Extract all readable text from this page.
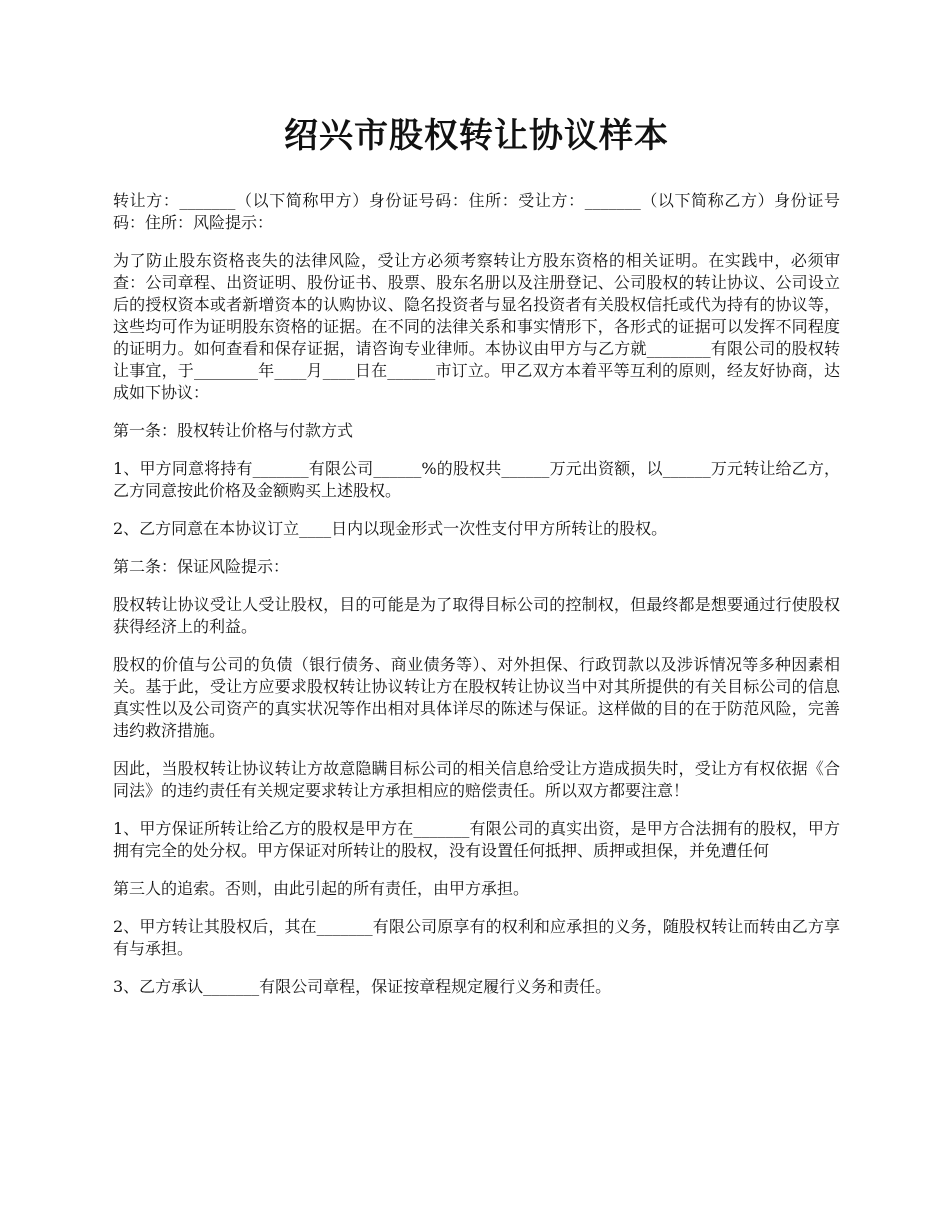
绍兴市股权转让协议样本

转让方：_______（以下简称甲方）身份证号码：住所：受让方：_______（以下简称乙方）身份证号码：住所：风险提示：

为了防止股东资格丧失的法律风险，受让方必须考察转让方股东资格的相关证明。在实践中，必须审查：公司章程、出资证明、股份证书、股票、股东名册以及注册登记、公司股权的转让协议、公司设立后的授权资本或者新增资本的认购协议、隐名投资者与显名投资者有关股权信托或代为持有的协议等，这些均可作为证明股东资格的证据。在不同的法律关系和事实情形下，各形式的证据可以发挥不同程度的证明力。如何查看和保存证据，请咨询专业律师。本协议由甲方与乙方就________有限公司的股权转让事宜，于________年____月____日在______市订立。甲乙双方本着平等互利的原则，经友好协商，达成如下协议：

第一条：股权转让价格与付款方式

1、甲方同意将持有_______有限公司______%的股权共______万元出资额，以______万元转让给乙方，乙方同意按此价格及金额购买上述股权。

2、乙方同意在本协议订立____日内以现金形式一次性支付甲方所转让的股权。

第二条：保证风险提示：

股权转让协议受让人受让股权，目的可能是为了取得目标公司的控制权，但最终都是想要通过行使股权获得经济上的利益。

股权的价值与公司的负债（银行债务、商业债务等）、对外担保、行政罚款以及涉诉情况等多种因素相关。基于此，受让方应要求股权转让协议转让方在股权转让协议当中对其所提供的有关目标公司的信息真实性以及公司资产的真实状况等作出相对具体详尽的陈述与保证。这样做的目的在于防范风险，完善违约救济措施。

因此，当股权转让协议转让方故意隐瞒目标公司的相关信息给受让方造成损失时，受让方有权依据《合同法》的违约责任有关规定要求转让方承担相应的赔偿责任。所以双方都要注意！

1、甲方保证所转让给乙方的股权是甲方在_______有限公司的真实出资，是甲方合法拥有的股权，甲方拥有完全的处分权。甲方保证对所转让的股权，没有设置任何抵押、质押或担保，并免遭任何

第三人的追索。否则，由此引起的所有责任，由甲方承担。

2、甲方转让其股权后，其在_______有限公司原享有的权利和应承担的义务，随股权转让而转由乙方享有与承担。

3、乙方承认_______有限公司章程，保证按章程规定履行义务和责任。
